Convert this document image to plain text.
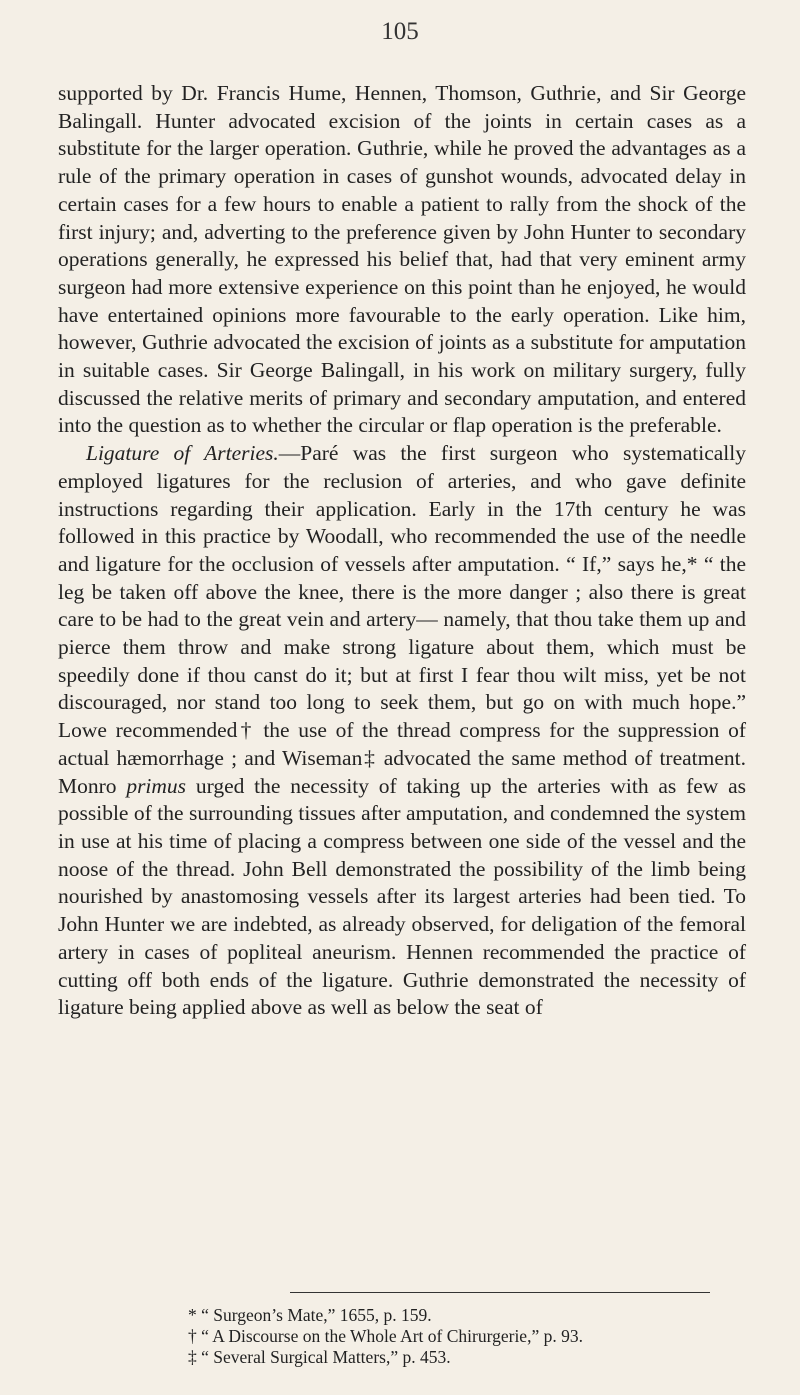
105

supported by Dr. Francis Hume, Hennen, Thomson, Guthrie, and Sir George Balingall. Hunter advocated excision of the joints in certain cases as a substitute for the larger operation. Guthrie, while he proved the advantages as a rule of the primary operation in cases of gunshot wounds, advocated delay in certain cases for a few hours to enable a patient to rally from the shock of the first injury; and, adverting to the preference given by John Hunter to secondary operations generally, he expressed his belief that, had that very eminent army surgeon had more extensive experience on this point than he enjoyed, he would have entertained opinions more favourable to the early operation. Like him, however, Guthrie advocated the excision of joints as a substitute for amputation in suitable cases. Sir George Balingall, in his work on military surgery, fully discussed the relative merits of primary and secondary amputation, and entered into the question as to whether the circular or flap operation is the preferable.

Ligature of Arteries.—Paré was the first surgeon who systematically employed ligatures for the reclusion of arteries, and who gave definite instructions regarding their application. Early in the 17th century he was followed in this practice by Woodall, who recommended the use of the needle and ligature for the occlusion of vessels after amputation. “ If,” says he,* “ the leg be taken off above the knee, there is the more danger ; also there is great care to be had to the great vein and artery— namely, that thou take them up and pierce them throw and make strong ligature about them, which must be speedily done if thou canst do it; but at first I fear thou wilt miss, yet be not discouraged, nor stand too long to seek them, but go on with much hope.” Lowe recommended† the use of the thread compress for the suppression of actual hæmorrhage ; and Wiseman‡ advocated the same method of treatment. Monro primus urged the necessity of taking up the arteries with as few as possible of the surrounding tissues after amputation, and condemned the system in use at his time of placing a compress between one side of the vessel and the noose of the thread. John Bell demonstrated the possibility of the limb being nourished by anastomosing vessels after its largest arteries had been tied. To John Hunter we are indebted, as already observed, for deligation of the femoral artery in cases of popliteal aneurism. Hennen recommended the practice of cutting off both ends of the ligature. Guthrie demonstrated the necessity of ligature being applied above as well as below the seat of

* “ Surgeon’s Mate,” 1655, p. 159.
† “ A Discourse on the Whole Art of Chirurgerie,” p. 93.
‡ “ Several Surgical Matters,” p. 453.
